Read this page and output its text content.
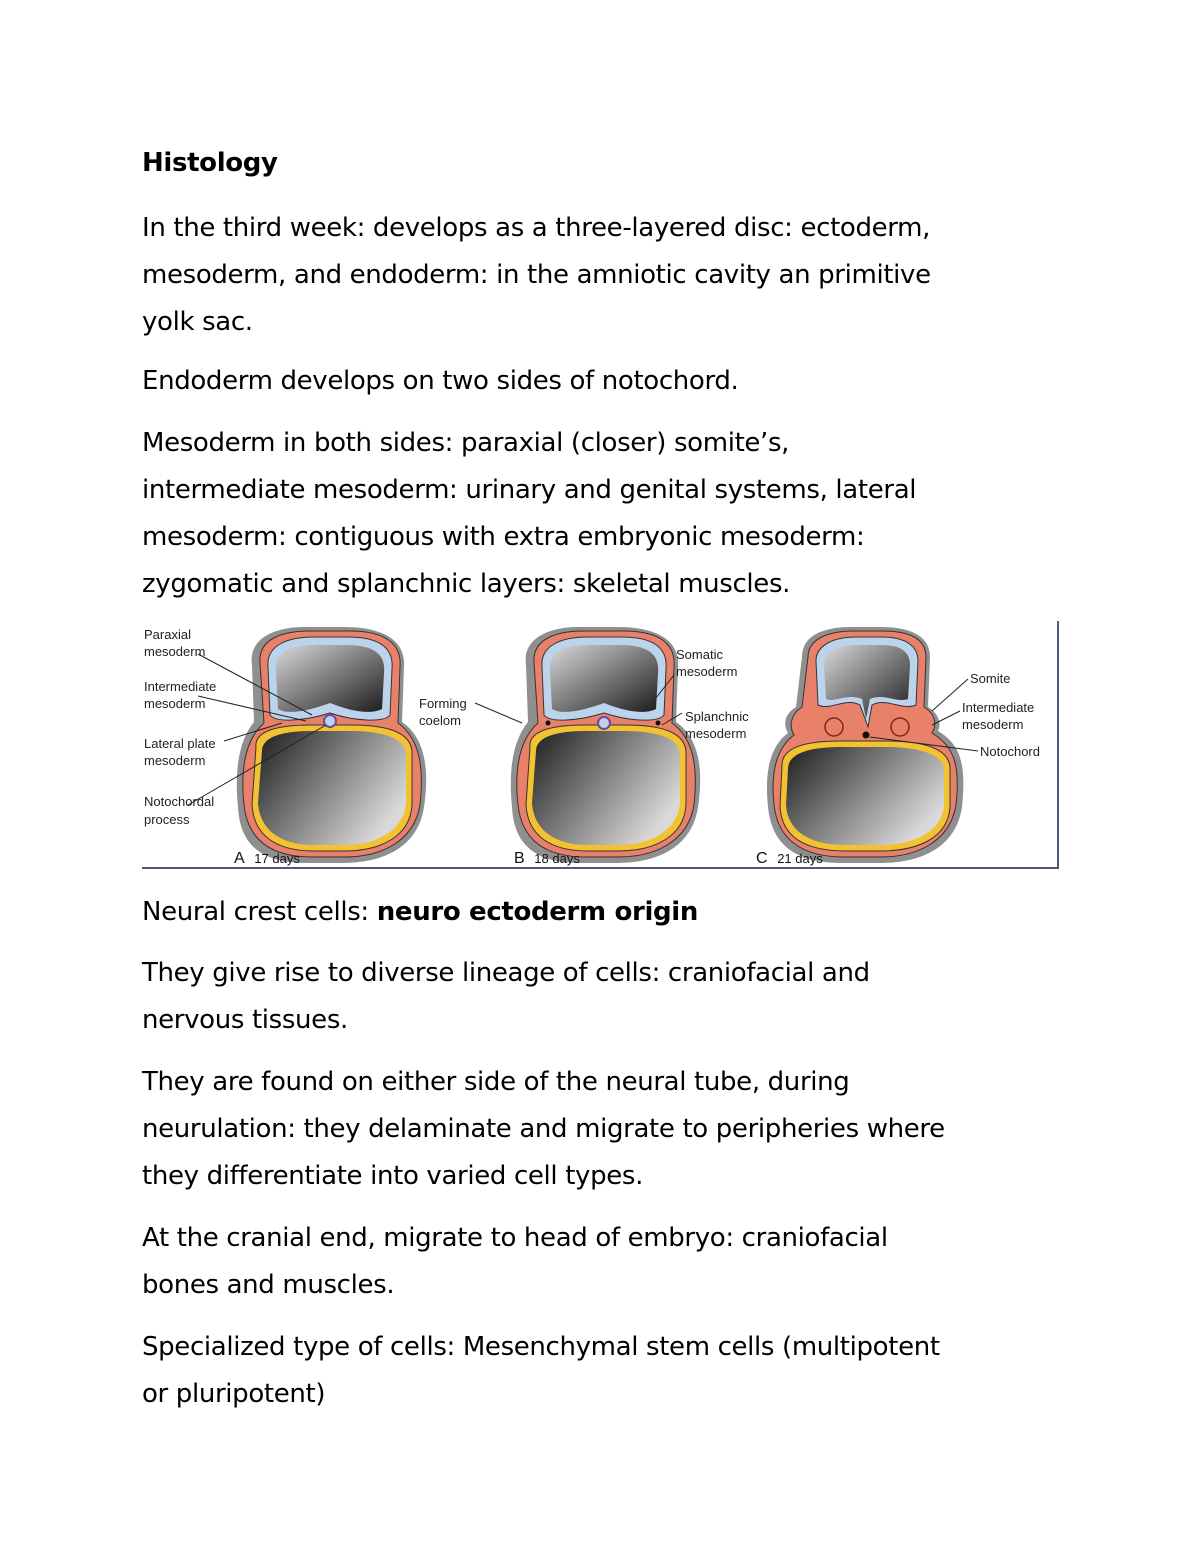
Histology

In the third week: develops as a three-layered disc: ectoderm,
mesoderm, and endoderm: in the amniotic cavity an primitive
yolk sac.

Endoderm develops on two sides of notochord.

Mesoderm in both sides: paraxial (closer) somite’s,
intermediate mesoderm: urinary and genital systems, lateral
mesoderm: contiguous with extra embryonic mesoderm:
zygomatic and splanchnic layers: skeletal muscles.

Paraxial mesoderm
Intermediate mesoderm
Lateral plate mesoderm
Notochordal process
Forming coelom
Somatic mesoderm
Splanchnic mesoderm
Somite
Intermediate mesoderm
Notochord
A 17 days	B 18 days	C 21 days

Neural crest cells: neuro ectoderm origin

They give rise to diverse lineage of cells: craniofacial and
nervous tissues.

They are found on either side of the neural tube, during
neurulation: they delaminate and migrate to peripheries where
they differentiate into varied cell types.

At the cranial end, migrate to head of embryo: craniofacial
bones and muscles.

Specialized type of cells: Mesenchymal stem cells (multipotent
or pluripotent)
